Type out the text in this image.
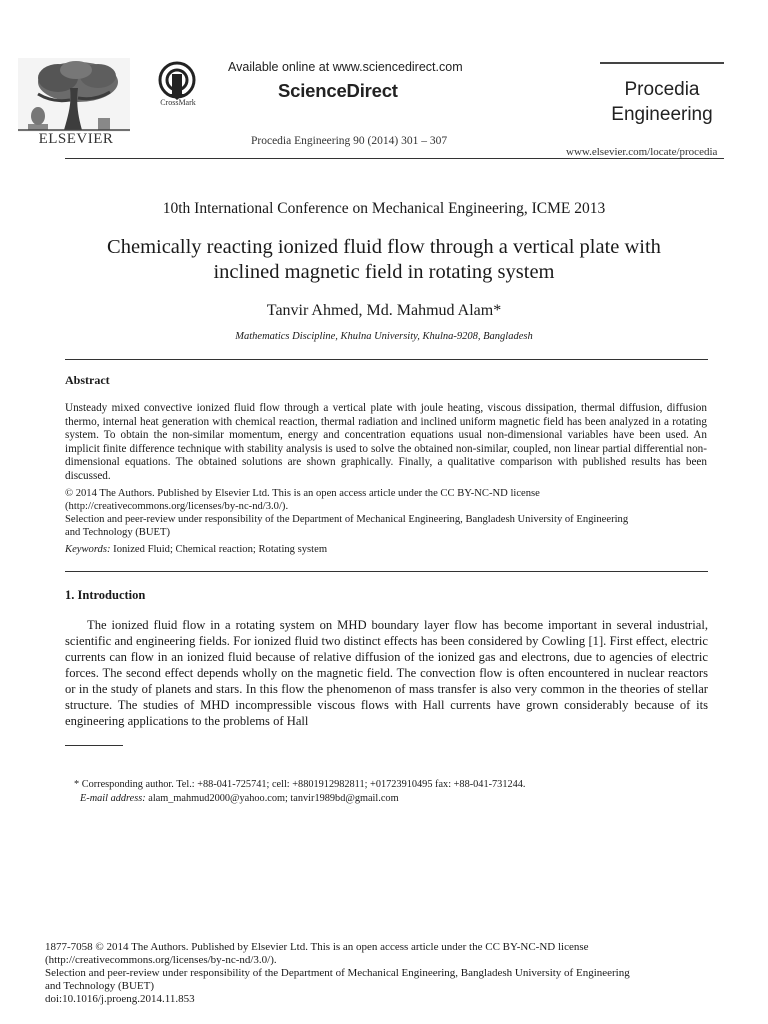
ELSEVIER
CrossMark
Available online at www.sciencedirect.com
ScienceDirect
Procedia Engineering 90 (2014) 301 – 307
Procedia
Engineering
www.elsevier.com/locate/procedia
10th International Conference on Mechanical Engineering, ICME 2013
Chemically reacting ionized fluid flow through a vertical plate with
inclined magnetic field in rotating system
Tanvir Ahmed, Md. Mahmud Alam*
Mathematics Discipline, Khulna University, Khulna-9208, Bangladesh
Abstract
Unsteady mixed convective ionized fluid flow through a vertical plate with joule heating, viscous dissipation, thermal diffusion, diffusion thermo, internal heat generation with chemical reaction, thermal radiation and inclined uniform magnetic field has been analyzed in a rotating system. To obtain the non-similar momentum, energy and concentration equations usual non-dimensional variables have been used. An implicit finite difference technique with stability analysis is used to solve the obtained non-similar, coupled, non linear partial differential non-dimensional equations. The obtained solutions are shown graphically. Finally, a qualitative comparison with published results has been discussed.
© 2014 The Authors. Published by Elsevier Ltd. This is an open access article under the CC BY-NC-ND license
(http://creativecommons.org/licenses/by-nc-nd/3.0/).
Selection and peer-review under responsibility of the Department of Mechanical Engineering, Bangladesh University of Engineering
and Technology (BUET)
Keywords: Ionized Fluid; Chemical reaction; Rotating system
1. Introduction
The ionized fluid flow in a rotating system on MHD boundary layer flow has become important in several industrial, scientific and engineering fields. For ionized fluid two distinct effects has been considered by Cowling [1]. First effect, electric currents can flow in an ionized fluid because of relative diffusion of the ionized gas and electrons, due to agencies of electric forces. The second effect depends wholly on the magnetic field. The convection flow is often encountered in nuclear reactors or in the study of planets and stars. In this flow the phenomenon of mass transfer is also very common in the theories of stellar structure. The studies of MHD incompressible viscous flows with Hall currents have grown considerably because of its engineering applications to the problems of Hall
* Corresponding author. Tel.: +88-041-725741; cell: +8801912982811; +01723910495 fax: +88-041-731244.
E-mail address: alam_mahmud2000@yahoo.com; tanvir1989bd@gmail.com
1877-7058 © 2014 The Authors. Published by Elsevier Ltd. This is an open access article under the CC BY-NC-ND license
(http://creativecommons.org/licenses/by-nc-nd/3.0/).
Selection and peer-review under responsibility of the Department of Mechanical Engineering, Bangladesh University of Engineering
and Technology (BUET)
doi:10.1016/j.proeng.2014.11.853
